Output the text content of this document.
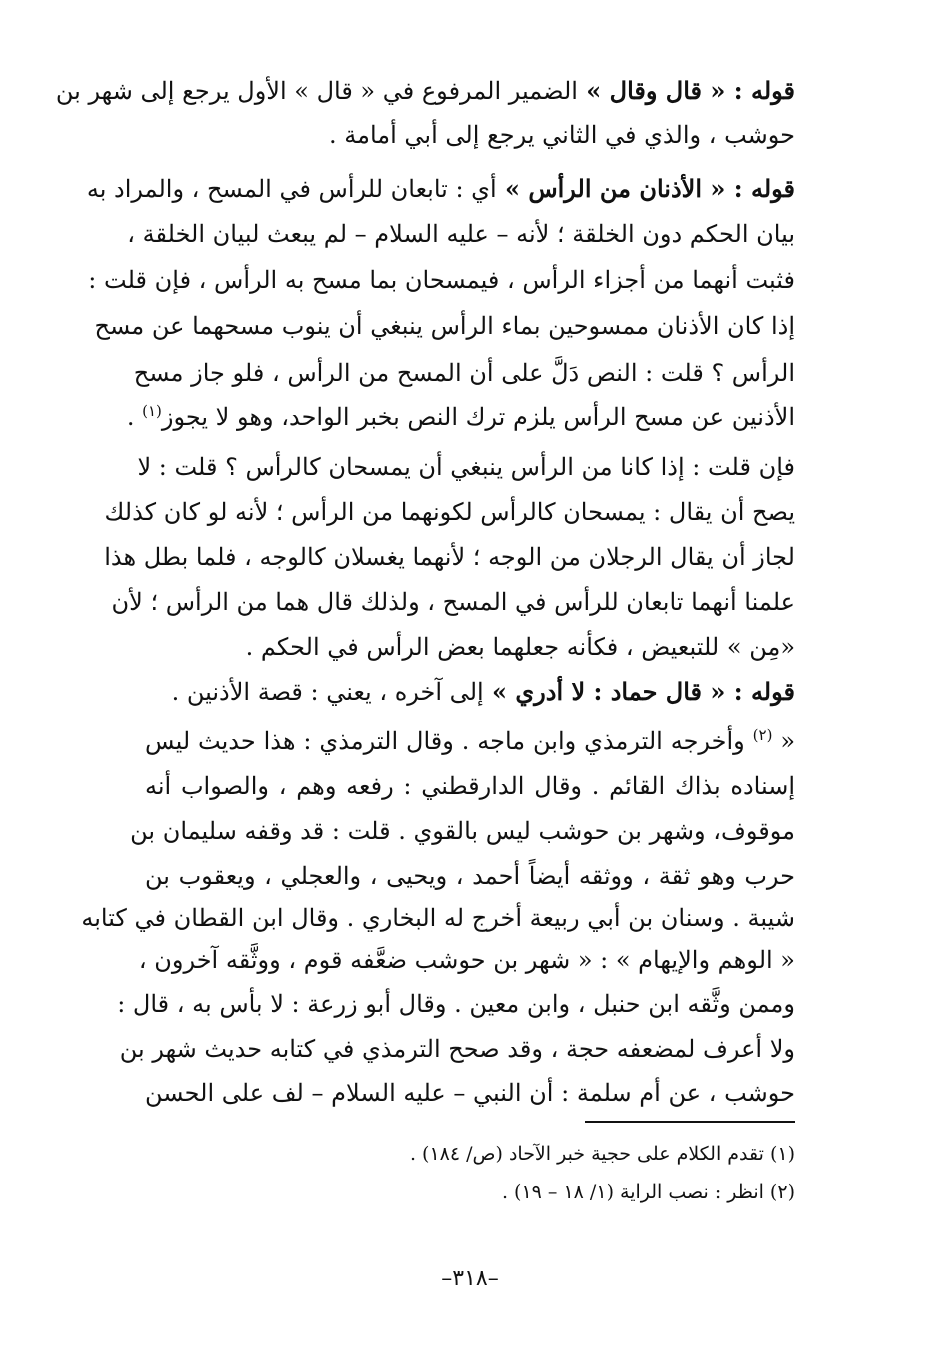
قوله : « قال وقال » الضمير المرفوع في « قال » الأول يرجع إلى شهر بن
حوشب ، والذي في الثاني يرجع إلى أبي أمامة .
قوله : « الأذنان من الرأس » أي : تابعان للرأس في المسح ، والمراد به
بيان الحكم دون الخلقة ؛ لأنه – عليه السلام – لم يبعث لبيان الخلقة ،
فثبت أنهما من أجزاء الرأس ، فيمسحان بما مسح به الرأس ، فإن قلت :
إذا كان الأذنان ممسوحين بماء الرأس ينبغي أن ينوب مسحهما عن مسح
الرأس ؟ قلت : النص دَلَّ على أن المسح من الرأس ، فلو جاز مسح
الأذنين عن مسح الرأس يلزم ترك النص بخبر الواحد، وهو لا يجوز$^{(١)}$ .
فإن قلت : إذا كانا من الرأس ينبغي أن يمسحان كالرأس ؟ قلت : لا
يصح أن يقال : يمسحان كالرأس لكونهما من الرأس ؛ لأنه لو كان كذلك
لجاز أن يقال الرجلان من الوجه ؛ لأنهما يغسلان كالوجه ، فلما بطل هذا
علمنا أنهما تابعان للرأس في المسح ، ولذلك قال هما من الرأس ؛ لأن
«مِن » للتبعيض ، فكأنه جعلهما بعض الرأس في الحكم .
قوله : « قال حماد : لا أدري » إلى آخره ، يعني : قصة الأذنين .
« $^{(٢)}$ وأخرجه الترمذي وابن ماجه . وقال الترمذي : هذا حديث ليس
إسناده بذاك القائم . وقال الدارقطني : رفعه وهم ، والصواب أنه
موقوف، وشهر بن حوشب ليس بالقوي . قلت : قد وقفه سليمان بن
حرب وهو ثقة ، ووثقه أيضاً أحمد ، ويحيى ، والعجلي ، ويعقوب بن
شيبة . وسنان بن أبي ربيعة أخرج له البخاري . وقال ابن القطان في كتابه
« الوهم والإيهام » : « شهر بن حوشب ضعَّفه قوم ، ووثَّقه آخرون ،
وممن وثَّقه ابن حنبل ، وابن معين . وقال أبو زرعة : لا بأس به ، قال :
ولا أعرف لمضعفه حجة ، وقد صحح الترمذي في كتابه حديث شهر بن
حوشب ، عن أم سلمة : أن النبي – عليه السلام – لف على الحسن
(١) تقدم الكلام على حجية خبر الآحاد (ص/ ١٨٤) .
(٢) انظر : نصب الراية (١/ ١٨ – ١٩) .
–٣١٨–
